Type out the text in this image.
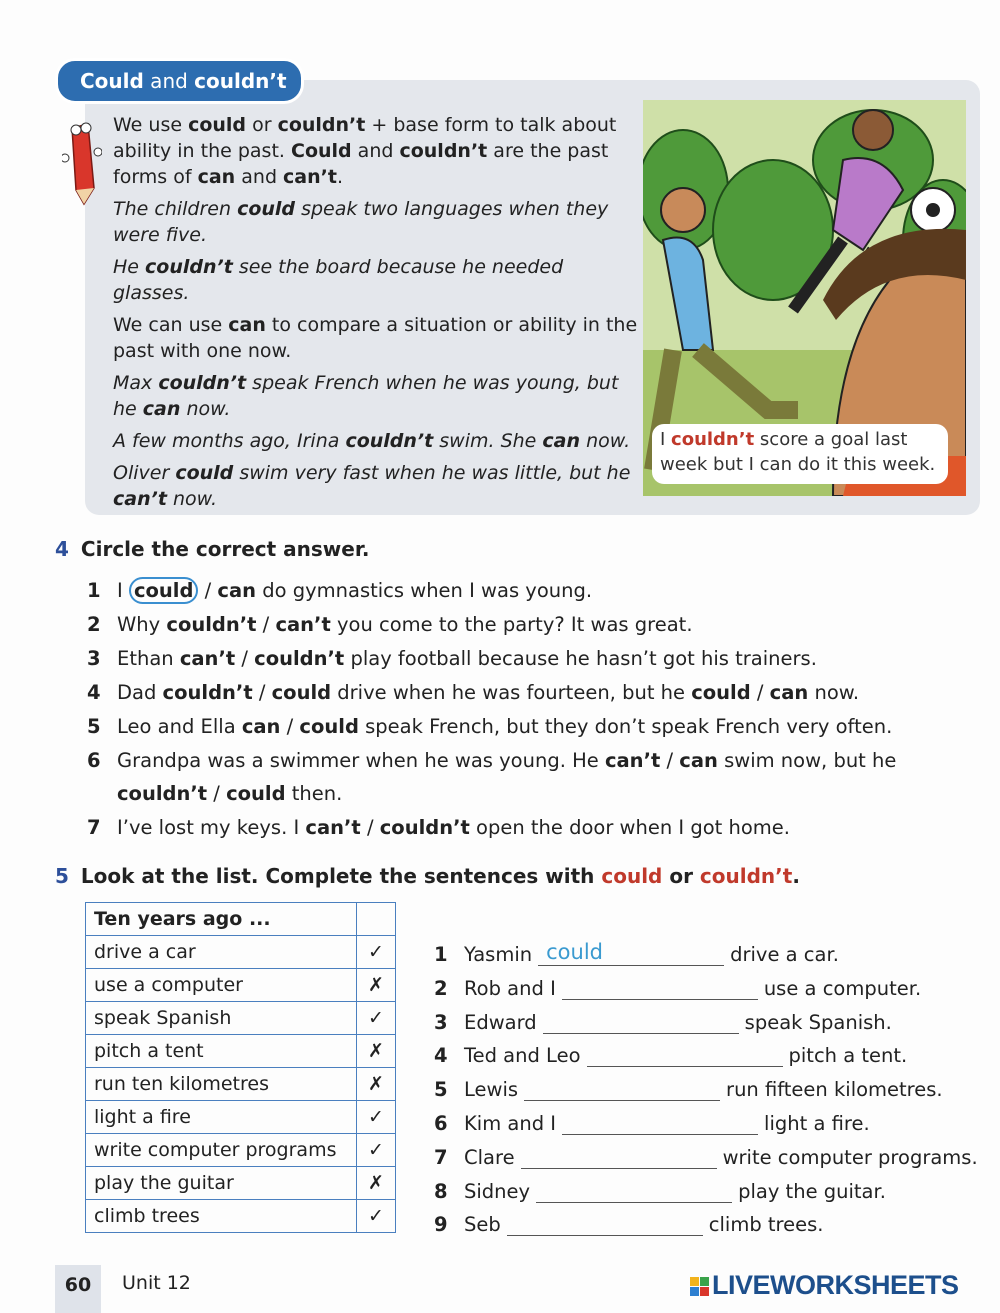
Could and couldn’t

We use could or couldn’t + base form to talk about ability in the past. Could and couldn’t are the past forms of can and can’t.

The children could speak two languages when they were five.

He couldn’t see the board because he needed glasses.

We can use can to compare a situation or ability in the past with one now.

Max couldn’t speak French when he was young, but he can now.

A few months ago, Irina couldn’t swim. She can now.

Oliver could swim very fast when he was little, but he can’t now.

I couldn’t score a goal last week but I can do it this week.
4 Circle the correct answer.
1 I could / can do gymnastics when I was young.
2 Why couldn’t / can’t you come to the party? It was great.
3 Ethan can’t / couldn’t play football because he hasn’t got his trainers.
4 Dad couldn’t / could drive when he was fourteen, but he could / can now.
5 Leo and Ella can / could speak French, but they don’t speak French very often.
6 Grandpa was a swimmer when he was young. He can’t / can swim now, but he couldn’t / could then.
7 I’ve lost my keys. I can’t / couldn’t open the door when I got home.
5 Look at the list. Complete the sentences with could or couldn’t.
Ten years ago ...	
drive a car	✓
use a computer	✗
speak Spanish	✓
pitch a tent	✗
run ten kilometres	✗
light a fire	✓
write computer programs	✓
play the guitar	✗
climb trees	✓
1 Yasmin
could	drive a car.
2 Rob and I	use a computer.
3 Edward	speak Spanish.
4 Ted and Leo	pitch a tent.
5 Lewis	run fifteen kilometres.
6 Kim and I	light a fire.
7 Clare	write computer programs.
8 Sidney	play the guitar.
9 Seb	climb trees.
60	Unit 12	LIVEWORKSHEETS
